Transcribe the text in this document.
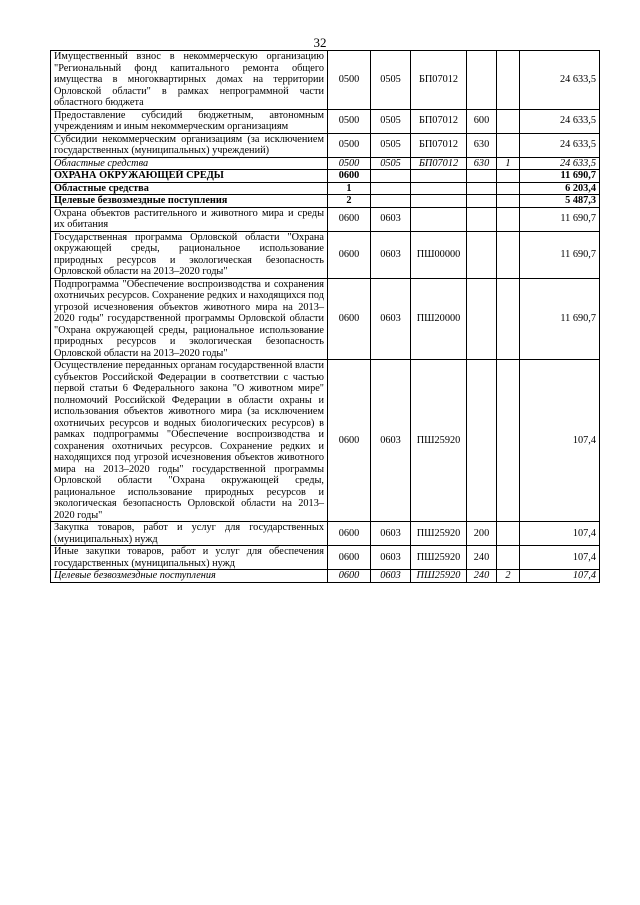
32
Имущественный взнос в некоммерческую организацию "Региональный фонд капитального ремонта общего имущества в многоквартирных домах на территории Орловской области" в рамках непрограммной части областного бюджета	0500	0505	БП07012			24 633,5
Предоставление субсидий бюджетным, автономным учреждениям и иным некоммерческим организациям	0500	0505	БП07012	600		24 633,5
Субсидии некоммерческим организациям (за исключением государственных (муниципальных) учреждений)	0500	0505	БП07012	630		24 633,5
Областные средства	0500	0505	БП07012	630	1	24 633,5
ОХРАНА ОКРУЖАЮЩЕЙ СРЕДЫ	0600					11 690,7
Областные средства	1					6 203,4
Целевые безвозмездные поступления	2					5 487,3
Охрана объектов растительного и животного мира и среды их обитания	0600	0603				11 690,7
Государственная программа Орловской области "Охрана окружающей среды, рациональное использование природных ресурсов и экологическая безопасность Орловской области на 2013–2020 годы"	0600	0603	ПШ00000			11 690,7
Подпрограмма "Обеспечение воспроизводства и сохранения охотничьих ресурсов. Сохранение редких и находящихся под угрозой исчезновения объектов животного мира на 2013–2020 годы" государственной программы Орловской области "Охрана окружающей среды, рациональное использование природных ресурсов и экологическая безопасность Орловской области на 2013–2020 годы"	0600	0603	ПШ20000			11 690,7
Осуществление переданных органам государственной власти субъектов Российской Федерации в соответствии с частью первой статьи 6 Федерального закона "О животном мире" полномочий Российской Федерации в области охраны и использования объектов животного мира (за исключением охотничьих ресурсов и водных биологических ресурсов) в рамках подпрограммы "Обеспечение воспроизводства и сохранения охотничьих ресурсов. Сохранение редких и находящихся под угрозой исчезновения объектов животного мира на 2013–2020 годы" государственной программы Орловской области "Охрана окружающей среды, рациональное использование природных ресурсов и экологическая безопасность Орловской области на 2013–2020 годы"	0600	0603	ПШ25920			107,4
Закупка товаров, работ и услуг для государственных (муниципальных) нужд	0600	0603	ПШ25920	200		107,4
Иные закупки товаров, работ и услуг для обеспечения государственных (муниципальных) нужд	0600	0603	ПШ25920	240		107,4
Целевые безвозмездные поступления	0600	0603	ПШ25920	240	2	107,4
